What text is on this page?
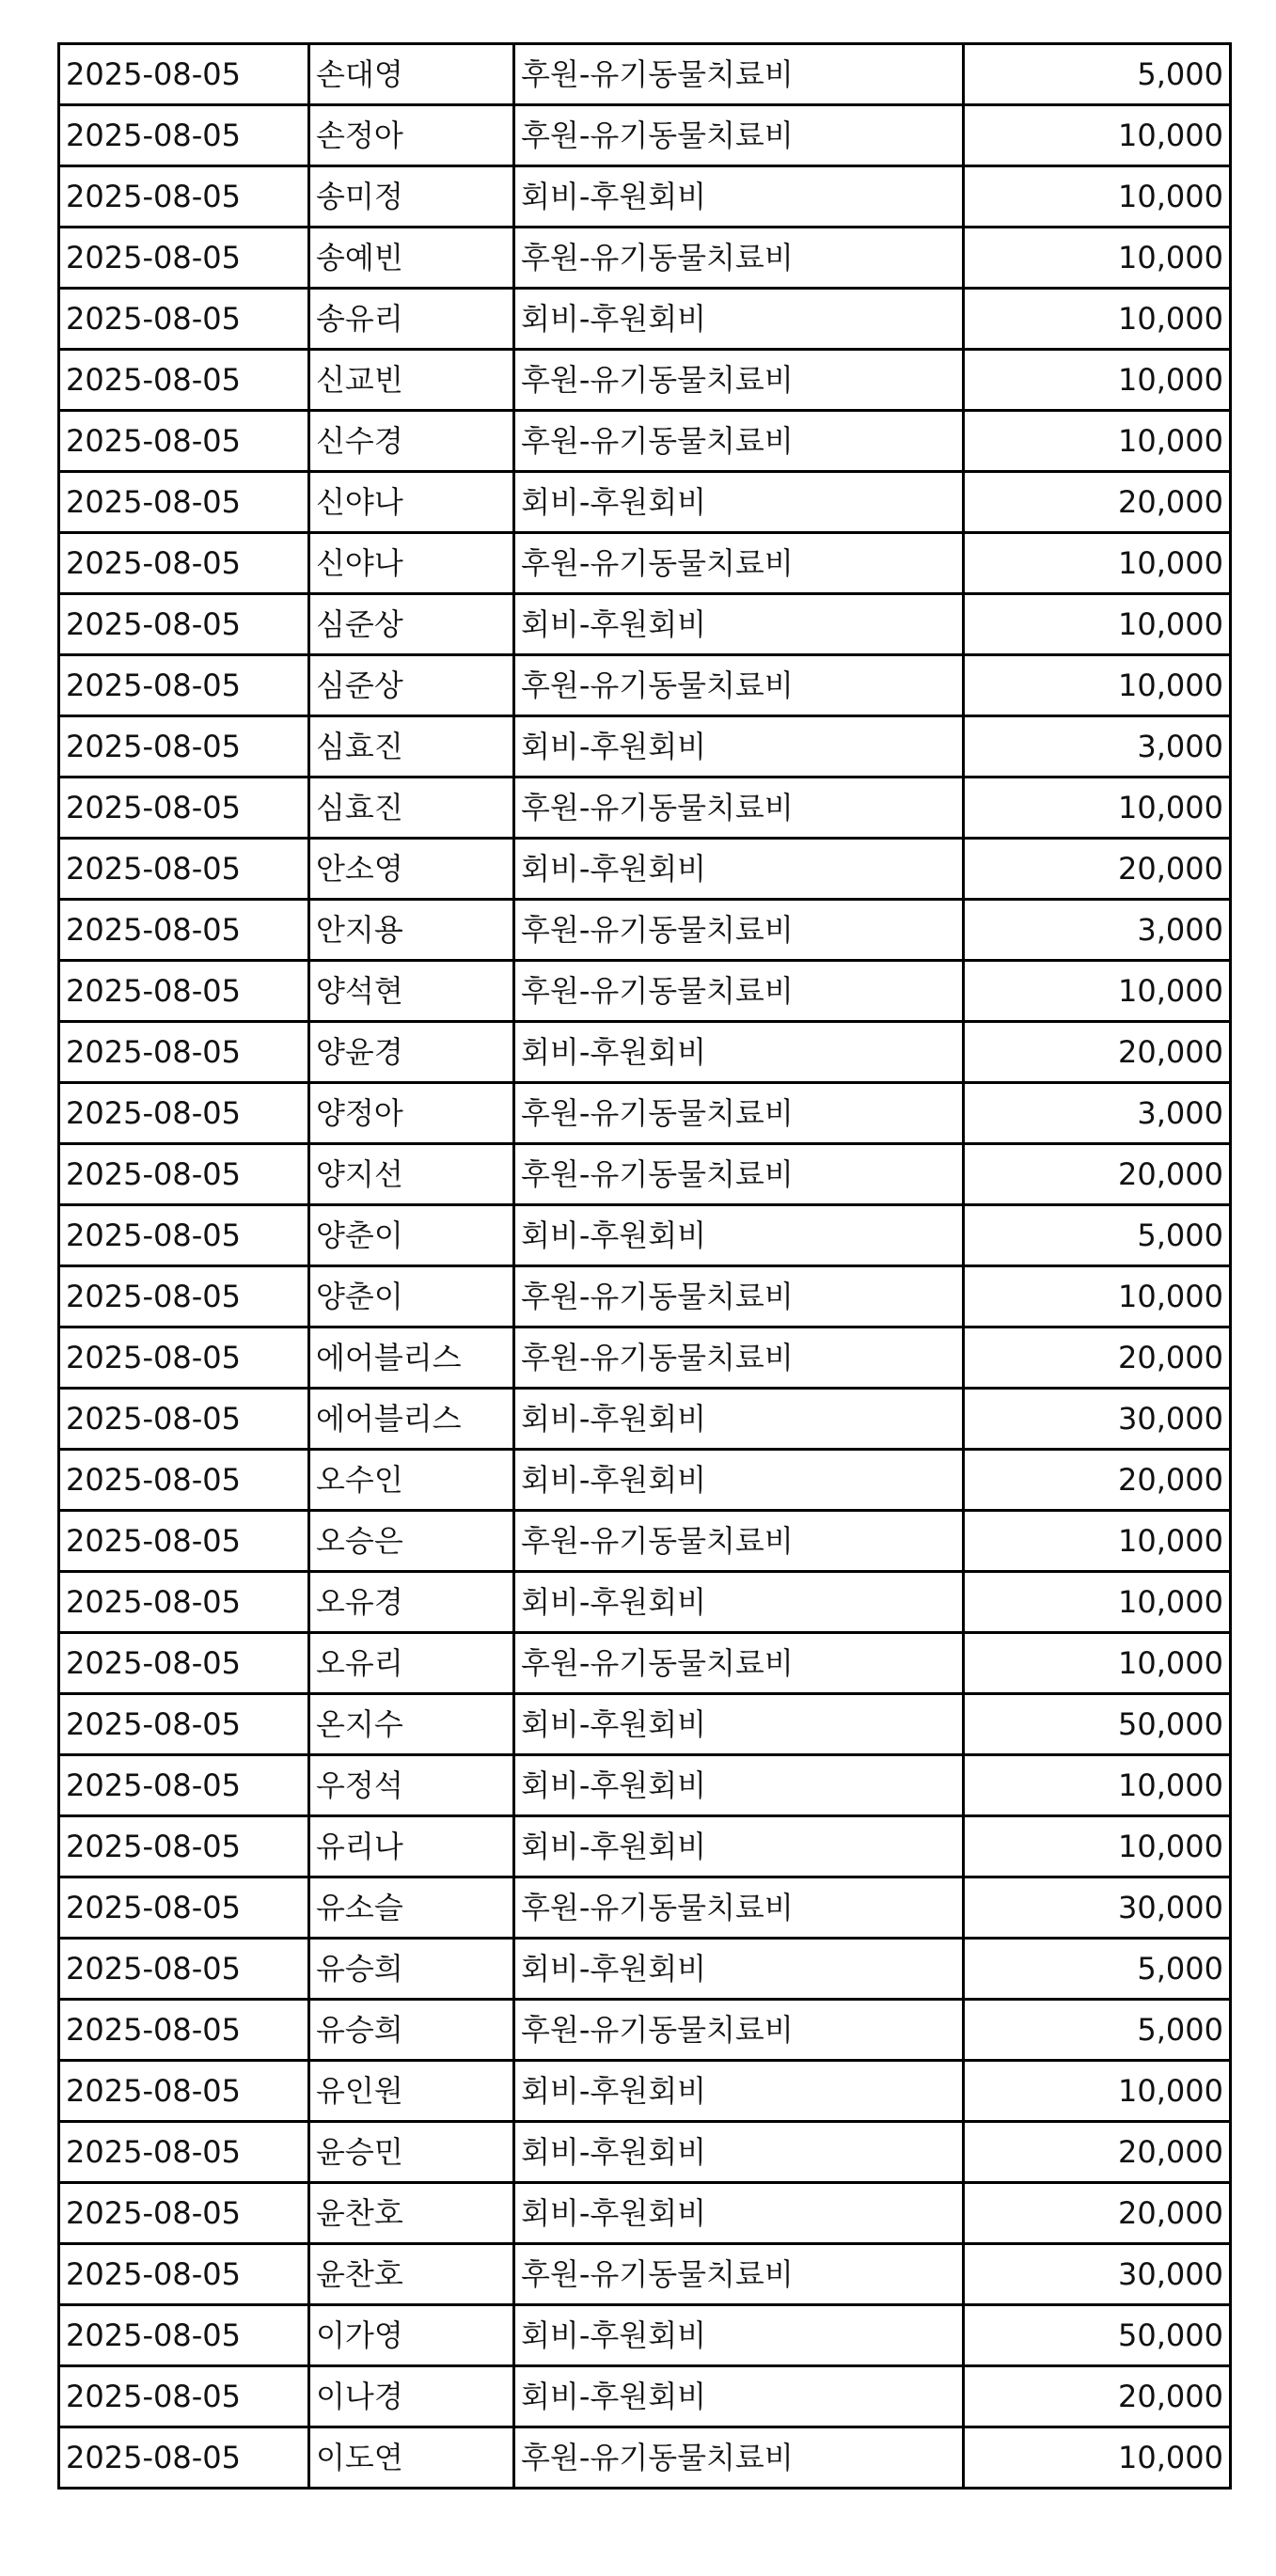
2025-08-05	손대영	후원-유기동물치료비	5,000
2025-08-05	손정아	후원-유기동물치료비	10,000
2025-08-05	송미정	회비-후원회비	10,000
2025-08-05	송예빈	후원-유기동물치료비	10,000
2025-08-05	송유리	회비-후원회비	10,000
2025-08-05	신교빈	후원-유기동물치료비	10,000
2025-08-05	신수경	후원-유기동물치료비	10,000
2025-08-05	신야나	회비-후원회비	20,000
2025-08-05	신야나	후원-유기동물치료비	10,000
2025-08-05	심준상	회비-후원회비	10,000
2025-08-05	심준상	후원-유기동물치료비	10,000
2025-08-05	심효진	회비-후원회비	3,000
2025-08-05	심효진	후원-유기동물치료비	10,000
2025-08-05	안소영	회비-후원회비	20,000
2025-08-05	안지용	후원-유기동물치료비	3,000
2025-08-05	양석현	후원-유기동물치료비	10,000
2025-08-05	양윤경	회비-후원회비	20,000
2025-08-05	양정아	후원-유기동물치료비	3,000
2025-08-05	양지선	후원-유기동물치료비	20,000
2025-08-05	양춘이	회비-후원회비	5,000
2025-08-05	양춘이	후원-유기동물치료비	10,000
2025-08-05	에어블리스	후원-유기동물치료비	20,000
2025-08-05	에어블리스	회비-후원회비	30,000
2025-08-05	오수인	회비-후원회비	20,000
2025-08-05	오승은	후원-유기동물치료비	10,000
2025-08-05	오유경	회비-후원회비	10,000
2025-08-05	오유리	후원-유기동물치료비	10,000
2025-08-05	온지수	회비-후원회비	50,000
2025-08-05	우정석	회비-후원회비	10,000
2025-08-05	유리나	회비-후원회비	10,000
2025-08-05	유소슬	후원-유기동물치료비	30,000
2025-08-05	유승희	회비-후원회비	5,000
2025-08-05	유승희	후원-유기동물치료비	5,000
2025-08-05	유인원	회비-후원회비	10,000
2025-08-05	윤승민	회비-후원회비	20,000
2025-08-05	윤찬호	회비-후원회비	20,000
2025-08-05	윤찬호	후원-유기동물치료비	30,000
2025-08-05	이가영	회비-후원회비	50,000
2025-08-05	이나경	회비-후원회비	20,000
2025-08-05	이도연	후원-유기동물치료비	10,000
